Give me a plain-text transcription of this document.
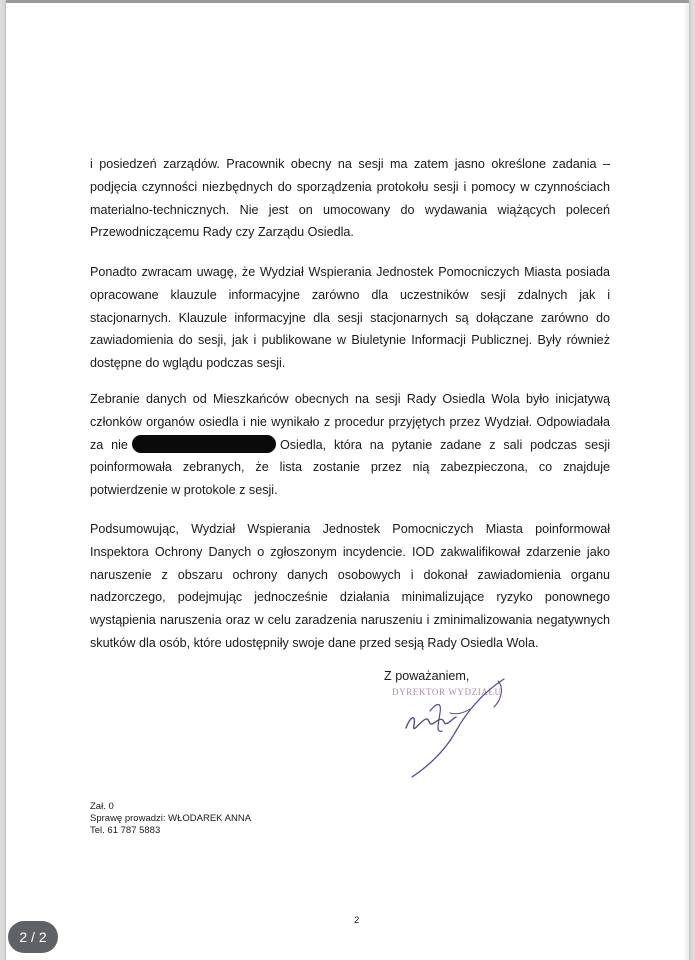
i posiedzeń zarządów. Pracownik obecny na sesji ma zatem jasno określone zadania – podjęcia czynności niezbędnych do sporządzenia protokołu sesji i pomocy w czynnościach materialno-technicznych. Nie jest on umocowany do wydawania wiążących poleceń Przewodniczącemu Rady czy Zarządu Osiedla.

Ponadto zwracam uwagę, że Wydział Wspierania Jednostek Pomocniczych Miasta posiada opracowane klauzule informacyjne zarówno dla uczestników sesji zdalnych jak i stacjonarnych. Klauzule informacyjne dla sesji stacjonarnych są dołączane zarówno do zawiadomienia do sesji, jak i publikowane w Biuletynie Informacji Publicznej. Były również dostępne do wglądu podczas sesji.

Zebranie danych od Mieszkańców obecnych na sesji Rady Osiedla Wola było inicjatywą członków organów osiedla i nie wynikało z procedur przyjętych przez Wydział. Odpowiadała za nie	Osiedla, która na pytanie zadane z sali podczas sesji poinformowała zebranych, że lista zostanie przez nią zabezpieczona, co znajduje potwierdzenie w protokole z sesji.

Podsumowując, Wydział Wspierania Jednostek Pomocniczych Miasta poinformował Inspektora Ochrony Danych o zgłoszonym incydencie. IOD zakwalifikował zdarzenie jako naruszenie z obszaru ochrony danych osobowych i dokonał zawiadomienia organu nadzorczego, podejmując jednocześnie działania minimalizujące ryzyko ponownego wystąpienia naruszenia oraz w celu zaradzenia naruszeniu i zminimalizowania negatywnych skutków dla osób, które udostępniły swoje dane przed sesją Rady Osiedla Wola.

Z poważaniem,
DYREKTOR WYDZIAŁU
Zał. 0
Sprawę prowadzi: WŁODAREK ANNA
Tel. 61 787 5883
2
2 / 2
